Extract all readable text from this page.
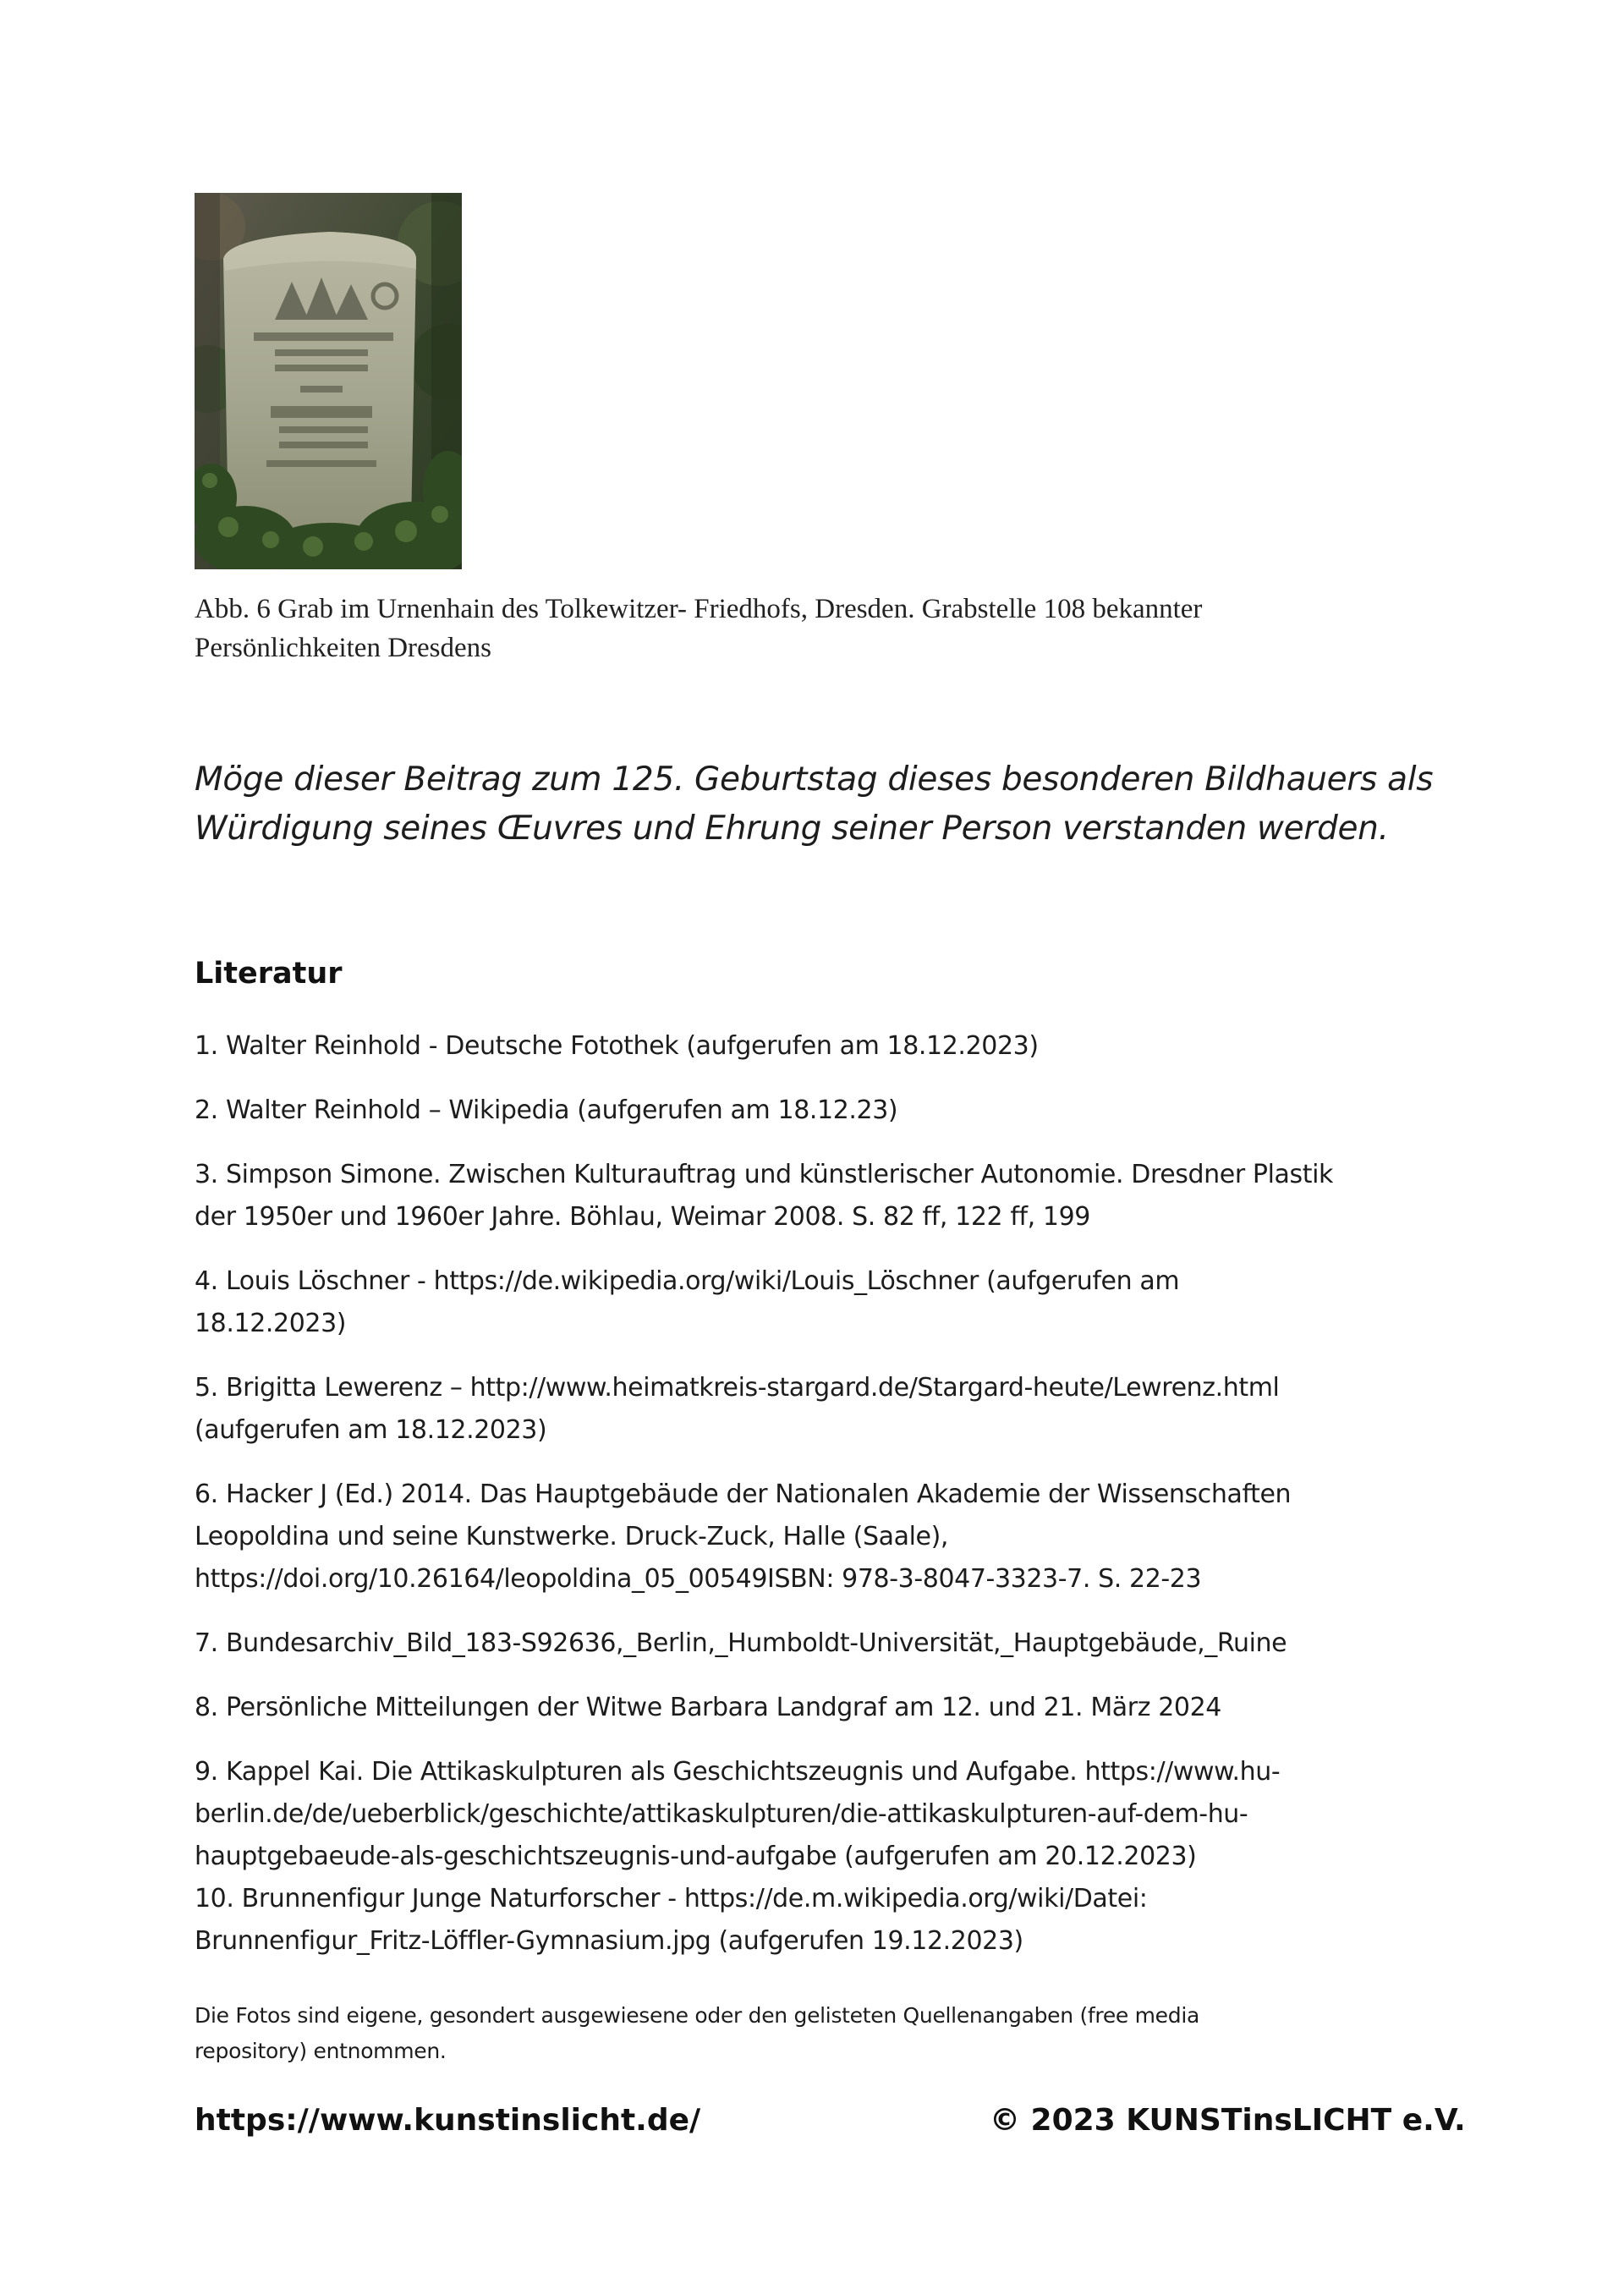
Abb. 6 Grab im Urnenhain des Tolkewitzer- Friedhofs, Dresden. Grabstelle 108 bekannter
Persönlichkeiten Dresdens
Möge dieser Beitrag zum 125. Geburtstag dieses besonderen Bildhauers als
Würdigung seines Œuvres und Ehrung seiner Person verstanden werden.
Literatur
1. Walter Reinhold - Deutsche Fotothek (aufgerufen am 18.12.2023)
2. Walter Reinhold – Wikipedia (aufgerufen am 18.12.23)
3. Simpson Simone. Zwischen Kulturauftrag und künstlerischer Autonomie. Dresdner Plastik
der 1950er und 1960er Jahre. Böhlau, Weimar 2008. S. 82 ff, 122 ff, 199
4. Louis Löschner - https://de.wikipedia.org/wiki/Louis_Löschner (aufgerufen am
18.12.2023)
5. Brigitta Lewerenz – http://www.heimatkreis-stargard.de/Stargard-heute/Lewrenz.html
(aufgerufen am 18.12.2023)
6. Hacker J (Ed.) 2014. Das Hauptgebäude der Nationalen Akademie der Wissenschaften
Leopoldina und seine Kunstwerke. Druck-Zuck, Halle (Saale),
https://doi.org/10.26164/leopoldina_05_00549ISBN: 978-3-8047-3323-7. S. 22-23
7. Bundesarchiv_Bild_183-S92636,_Berlin,_Humboldt-Universität,_Hauptgebäude,_Ruine
8. Persönliche Mitteilungen der Witwe Barbara Landgraf am 12. und 21. März 2024
9. Kappel Kai. Die Attikaskulpturen als Geschichtszeugnis und Aufgabe. https://www.hu-
berlin.de/de/ueberblick/geschichte/attikaskulpturen/die-attikaskulpturen-auf-dem-hu-
hauptgebaeude-als-geschichtszeugnis-und-aufgabe (aufgerufen am 20.12.2023)
10. Brunnenfigur Junge Naturforscher - https://de.m.wikipedia.org/wiki/Datei:
Brunnenfigur_Fritz-Löffler-Gymnasium.jpg (aufgerufen 19.12.2023)
Die Fotos sind eigene, gesondert ausgewiesene oder den gelisteten Quellenangaben (free media
repository) entnommen.
https://www.kunstinslicht.de/	© 2023 KUNSTinsLICHT e.V.
